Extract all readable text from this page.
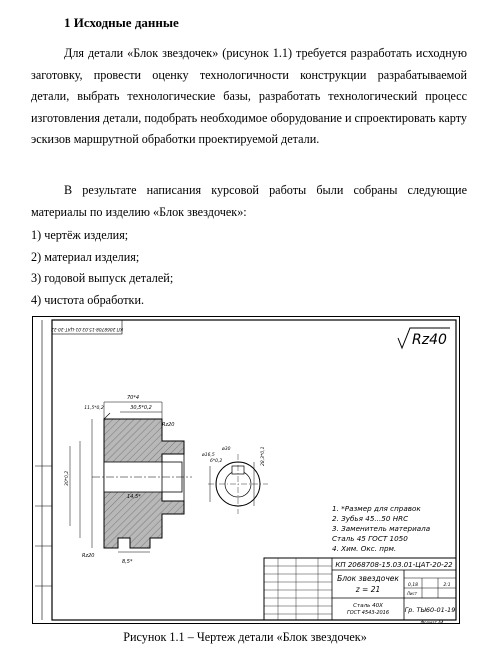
1 Исходные данные

Для детали «Блок звездочек» (рисунок 1.1) требуется разработать исходную заготовку, провести оценку технологичности конструкции разрабатываемой детали, выбрать технологические базы, разработать технологический процесс изготовления детали, подобрать необходимое оборудование и спроектировать карту эскизов маршрутной обработки проектируемой детали.

В результате написания курсовой работы были собраны следующие материалы по изделию «Блок звездочек»:

1) чертёж изделия;
2) материал изделия;
3) годовой выпуск деталей;
4) чистота обработки.
КП 2068708-15.03.01-ЦАТ-20-22
Rz40
70*4
30,5*0,2
11,5*0,2
Rz20
14,5*
30*0,2
Rz20
8,5*
ø16,5	28,3*0,1
ø30
6*0,2
1. *Размер для справок
2. Зубья 45...50 HRC
3. Заменитель материала
Сталь 45 ГОСТ 1050
4. Хим. Окс. прм.
КП 2068708-15.03.01-ЦАТ-20-22
Блок звездочек
z = 21
Сталь 40Х
ГОСТ 4543-2016 Гр. ТЫ60-01-19
0,18	2:1
Лист
Формат А4
Рисунок 1.1 – Чертеж детали «Блок звездочек»
